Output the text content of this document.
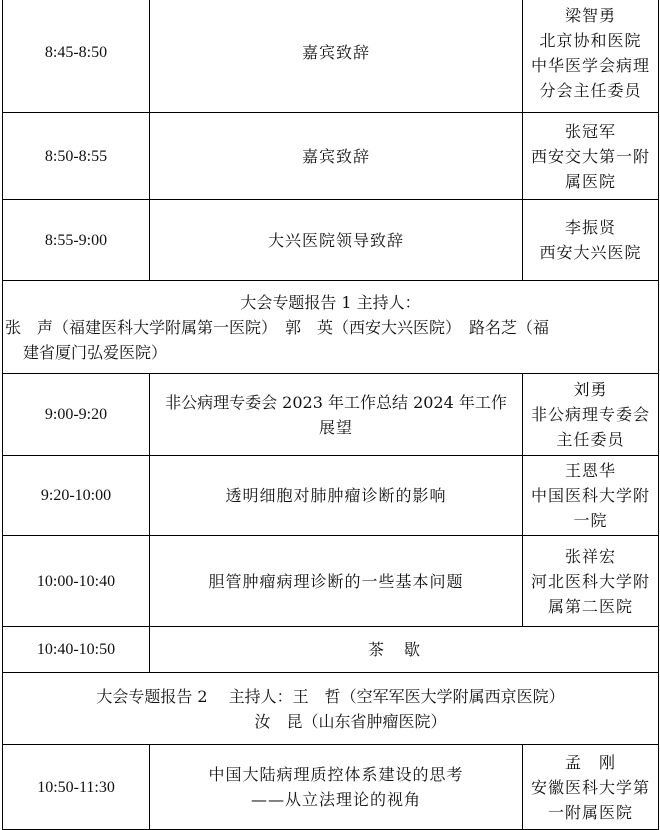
8:45-8:50	嘉宾致辞	梁智勇
北京协和医院
中华医学会病理
分会主任委员

8:50-8:55	嘉宾致辞	张冠军
西安交大第一附
属医院

8:55-9:00	大兴医院领导致辞	李振贤
西安大兴医院

大会专题报告 1 主持人：
张　声（福建医科大学附属第一医院）　郭　英（西安大兴医院）　路名芝（福
建省厦门弘爱医院）		

9:00-9:20	非公病理专委会 2023 年工作总结 2024 年工作
展望	刘勇
非公病理专委会
主任委员

9:20-10:00	透明细胞对肺肿瘤诊断的影响	王恩华
中国医科大学附
一院

10:00-10:40	胆管肿瘤病理诊断的一些基本问题	张祥宏
河北医科大学附
属第二医院

10:40-10:50	茶歇	

大会专题报告 2　 主持人：王　哲（空军军医大学附属西京医院）
汝　昆（山东省肿瘤医院）		

10:50-11:30	中国大陆病理质控体系建设的思考
——从立法理论的视角	孟　刚
安徽医科大学第
一附属医院
